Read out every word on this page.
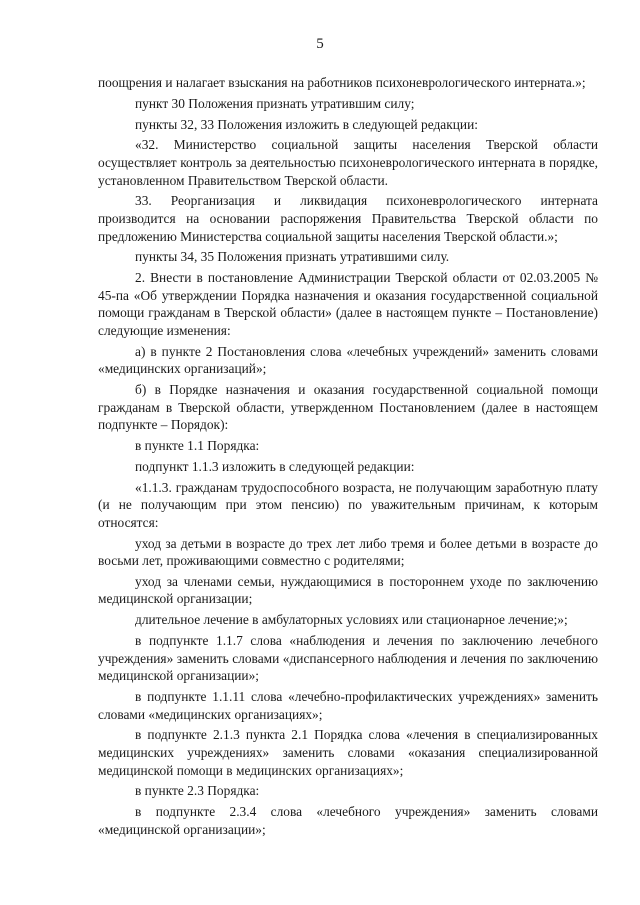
5

поощрения и налагает взыскания на работников психоневрологического интерната.»;

пункт 30 Положения признать утратившим силу;

пункты 32, 33 Положения изложить в следующей редакции:

«32. Министерство социальной защиты населения Тверской области осуществляет контроль за деятельностью психоневрологического интерната в порядке, установленном Правительством Тверской области.

33. Реорганизация и ликвидация психоневрологического интерната производится на основании распоряжения Правительства Тверской области по предложению Министерства социальной защиты населения Тверской области.»;

пункты 34, 35 Положения признать утратившими силу.

2. Внести в постановление Администрации Тверской области от 02.03.2005 № 45-па «Об утверждении Порядка назначения и оказания государственной социальной помощи гражданам в Тверской области» (далее в настоящем пункте – Постановление) следующие изменения:

а) в пункте 2 Постановления слова «лечебных учреждений» заменить словами «медицинских организаций»;

б) в Порядке назначения и оказания государственной социальной помощи гражданам в Тверской области, утвержденном Постановлением (далее в настоящем подпункте – Порядок):

в пункте 1.1 Порядка:

подпункт 1.1.3 изложить в следующей редакции:

«1.1.3. гражданам трудоспособного возраста, не получающим заработную плату (и не получающим при этом пенсию) по уважительным причинам, к которым относятся:

уход за детьми в возрасте до трех лет либо тремя и более детьми в возрасте до восьми лет, проживающими совместно с родителями;

уход за членами семьи, нуждающимися в постороннем уходе по заключению медицинской организации;

длительное лечение в амбулаторных условиях или стационарное лечение;»;

в подпункте 1.1.7 слова «наблюдения и лечения по заключению лечебного учреждения» заменить словами «диспансерного наблюдения и лечения по заключению медицинской организации»;

в подпункте 1.1.11 слова «лечебно-профилактических учреждениях» заменить словами «медицинских организациях»;

в подпункте 2.1.3 пункта 2.1 Порядка слова «лечения в специализированных медицинских учреждениях» заменить словами «оказания специализированной медицинской помощи в медицинских организациях»;

в пункте 2.3 Порядка:

в подпункте 2.3.4 слова «лечебного учреждения» заменить словами «медицинской организации»;
